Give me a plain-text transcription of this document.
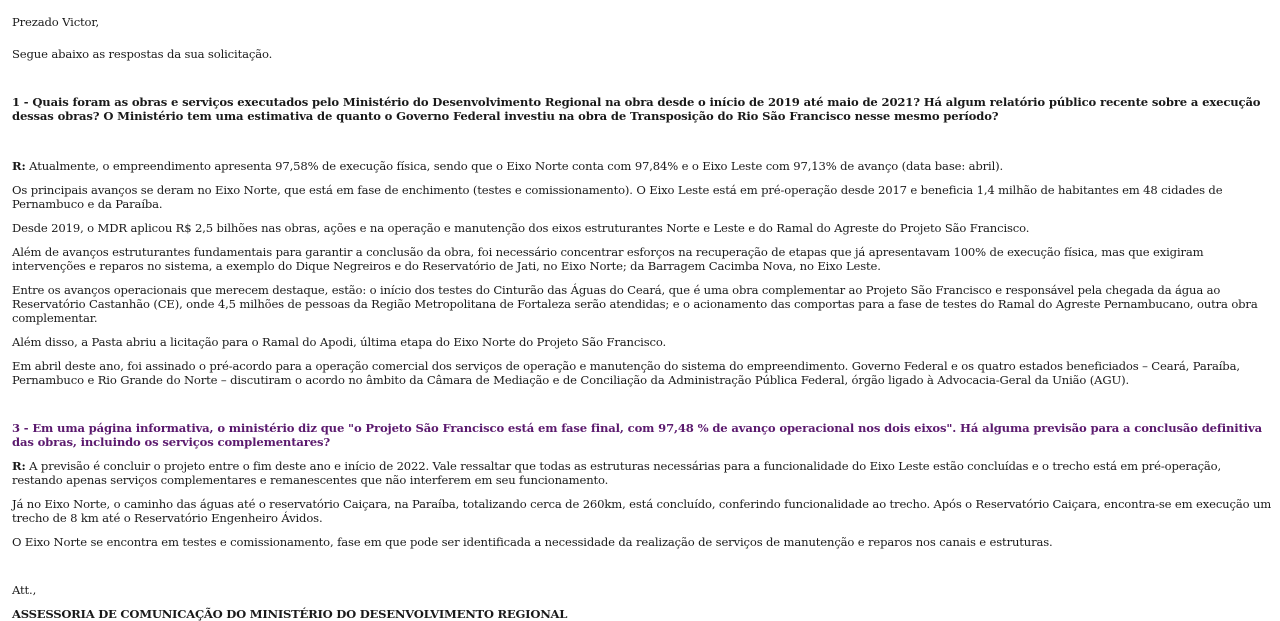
Prezado Victor,

Segue abaixo as respostas da sua solicitação.

1 - Quais foram as obras e serviços executados pelo Ministério do Desenvolvimento Regional na obra desde o início de 2019 até maio de 2021? Há algum relatório público recente sobre a execução dessas obras? O Ministério tem uma estimativa de quanto o Governo Federal investiu na obra de Transposição do Rio São Francisco nesse mesmo período?

R: Atualmente, o empreendimento apresenta 97,58% de execução física, sendo que o Eixo Norte conta com 97,84% e o Eixo Leste com 97,13% de avanço (data base: abril).

Os principais avanços se deram no Eixo Norte, que está em fase de enchimento (testes e comissionamento). O Eixo Leste está em pré-operação desde 2017 e beneficia 1,4 milhão de habitantes em 48 cidades de Pernambuco e da Paraíba.

Desde 2019, o MDR aplicou R$ 2,5 bilhões nas obras, ações e na operação e manutenção dos eixos estruturantes Norte e Leste e do Ramal do Agreste do Projeto São Francisco.

Além de avanços estruturantes fundamentais para garantir a conclusão da obra, foi necessário concentrar esforços na recuperação de etapas que já apresentavam 100% de execução física, mas que exigiram intervenções e reparos no sistema, a exemplo do Dique Negreiros e do Reservatório de Jati, no Eixo Norte; da Barragem Cacimba Nova, no Eixo Leste.

Entre os avanços operacionais que merecem destaque, estão: o início dos testes do Cinturão das Águas do Ceará, que é uma obra complementar ao Projeto São Francisco e responsável pela chegada da água ao Reservatório Castanhão (CE), onde 4,5 milhões de pessoas da Região Metropolitana de Fortaleza serão atendidas; e o acionamento das comportas para a fase de testes do Ramal do Agreste Pernambucano, outra obra complementar.

Além disso, a Pasta abriu a licitação para o Ramal do Apodi, última etapa do Eixo Norte do Projeto São Francisco.

Em abril deste ano, foi assinado o pré-acordo para a operação comercial dos serviços de operação e manutenção do sistema do empreendimento. Governo Federal e os quatro estados beneficiados – Ceará, Paraíba, Pernambuco e Rio Grande do Norte – discutiram o acordo no âmbito da Câmara de Mediação e de Conciliação da Administração Pública Federal, órgão ligado à Advocacia-Geral da União (AGU).

3 - Em uma página informativa, o ministério diz que "o Projeto São Francisco está em fase final, com 97,48 % de avanço operacional nos dois eixos". Há alguma previsão para a conclusão definitiva das obras, incluindo os serviços complementares?

R: A previsão é concluir o projeto entre o fim deste ano e início de 2022. Vale ressaltar que todas as estruturas necessárias para a funcionalidade do Eixo Leste estão concluídas e o trecho está em pré-operação, restando apenas serviços complementares e remanescentes que não interferem em seu funcionamento.

Já no Eixo Norte, o caminho das águas até o reservatório Caiçara, na Paraíba, totalizando cerca de 260km, está concluído, conferindo funcionalidade ao trecho. Após o Reservatório Caiçara, encontra-se em execução um trecho de 8 km até o Reservatório Engenheiro Ávidos.

O Eixo Norte se encontra em testes e comissionamento, fase em que pode ser identificada a necessidade da realização de serviços de manutenção e reparos nos canais e estruturas.

Att.,

ASSESSORIA DE COMUNICAÇÃO DO MINISTÉRIO DO DESENVOLVIMENTO REGIONAL
